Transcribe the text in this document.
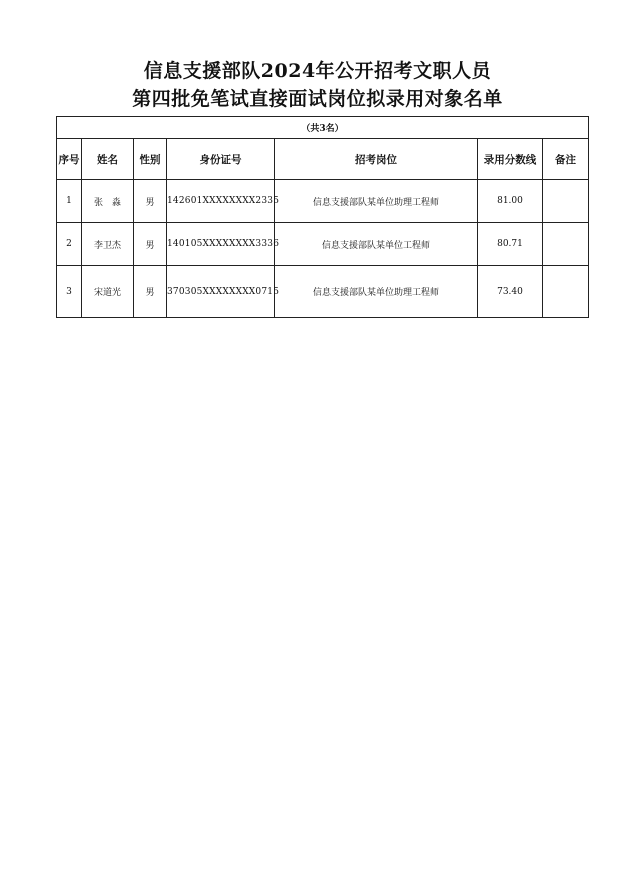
信息支援部队2024年公开招考文职人员
第四批免笔试直接面试岗位拟录用对象名单
（共3名）						
序号	姓名	性别	身份证号	招考岗位	录用分数线	备注
1	张　淼	男	142601XXXXXXXX2335	信息支援部队某单位助理工程师	81.00	
2	李卫杰	男	140105XXXXXXXX3336	信息支援部队某单位工程师	80.71	
3	宋道光	男	370305XXXXXXXX0715	信息支援部队某单位助理工程师	73.40	
